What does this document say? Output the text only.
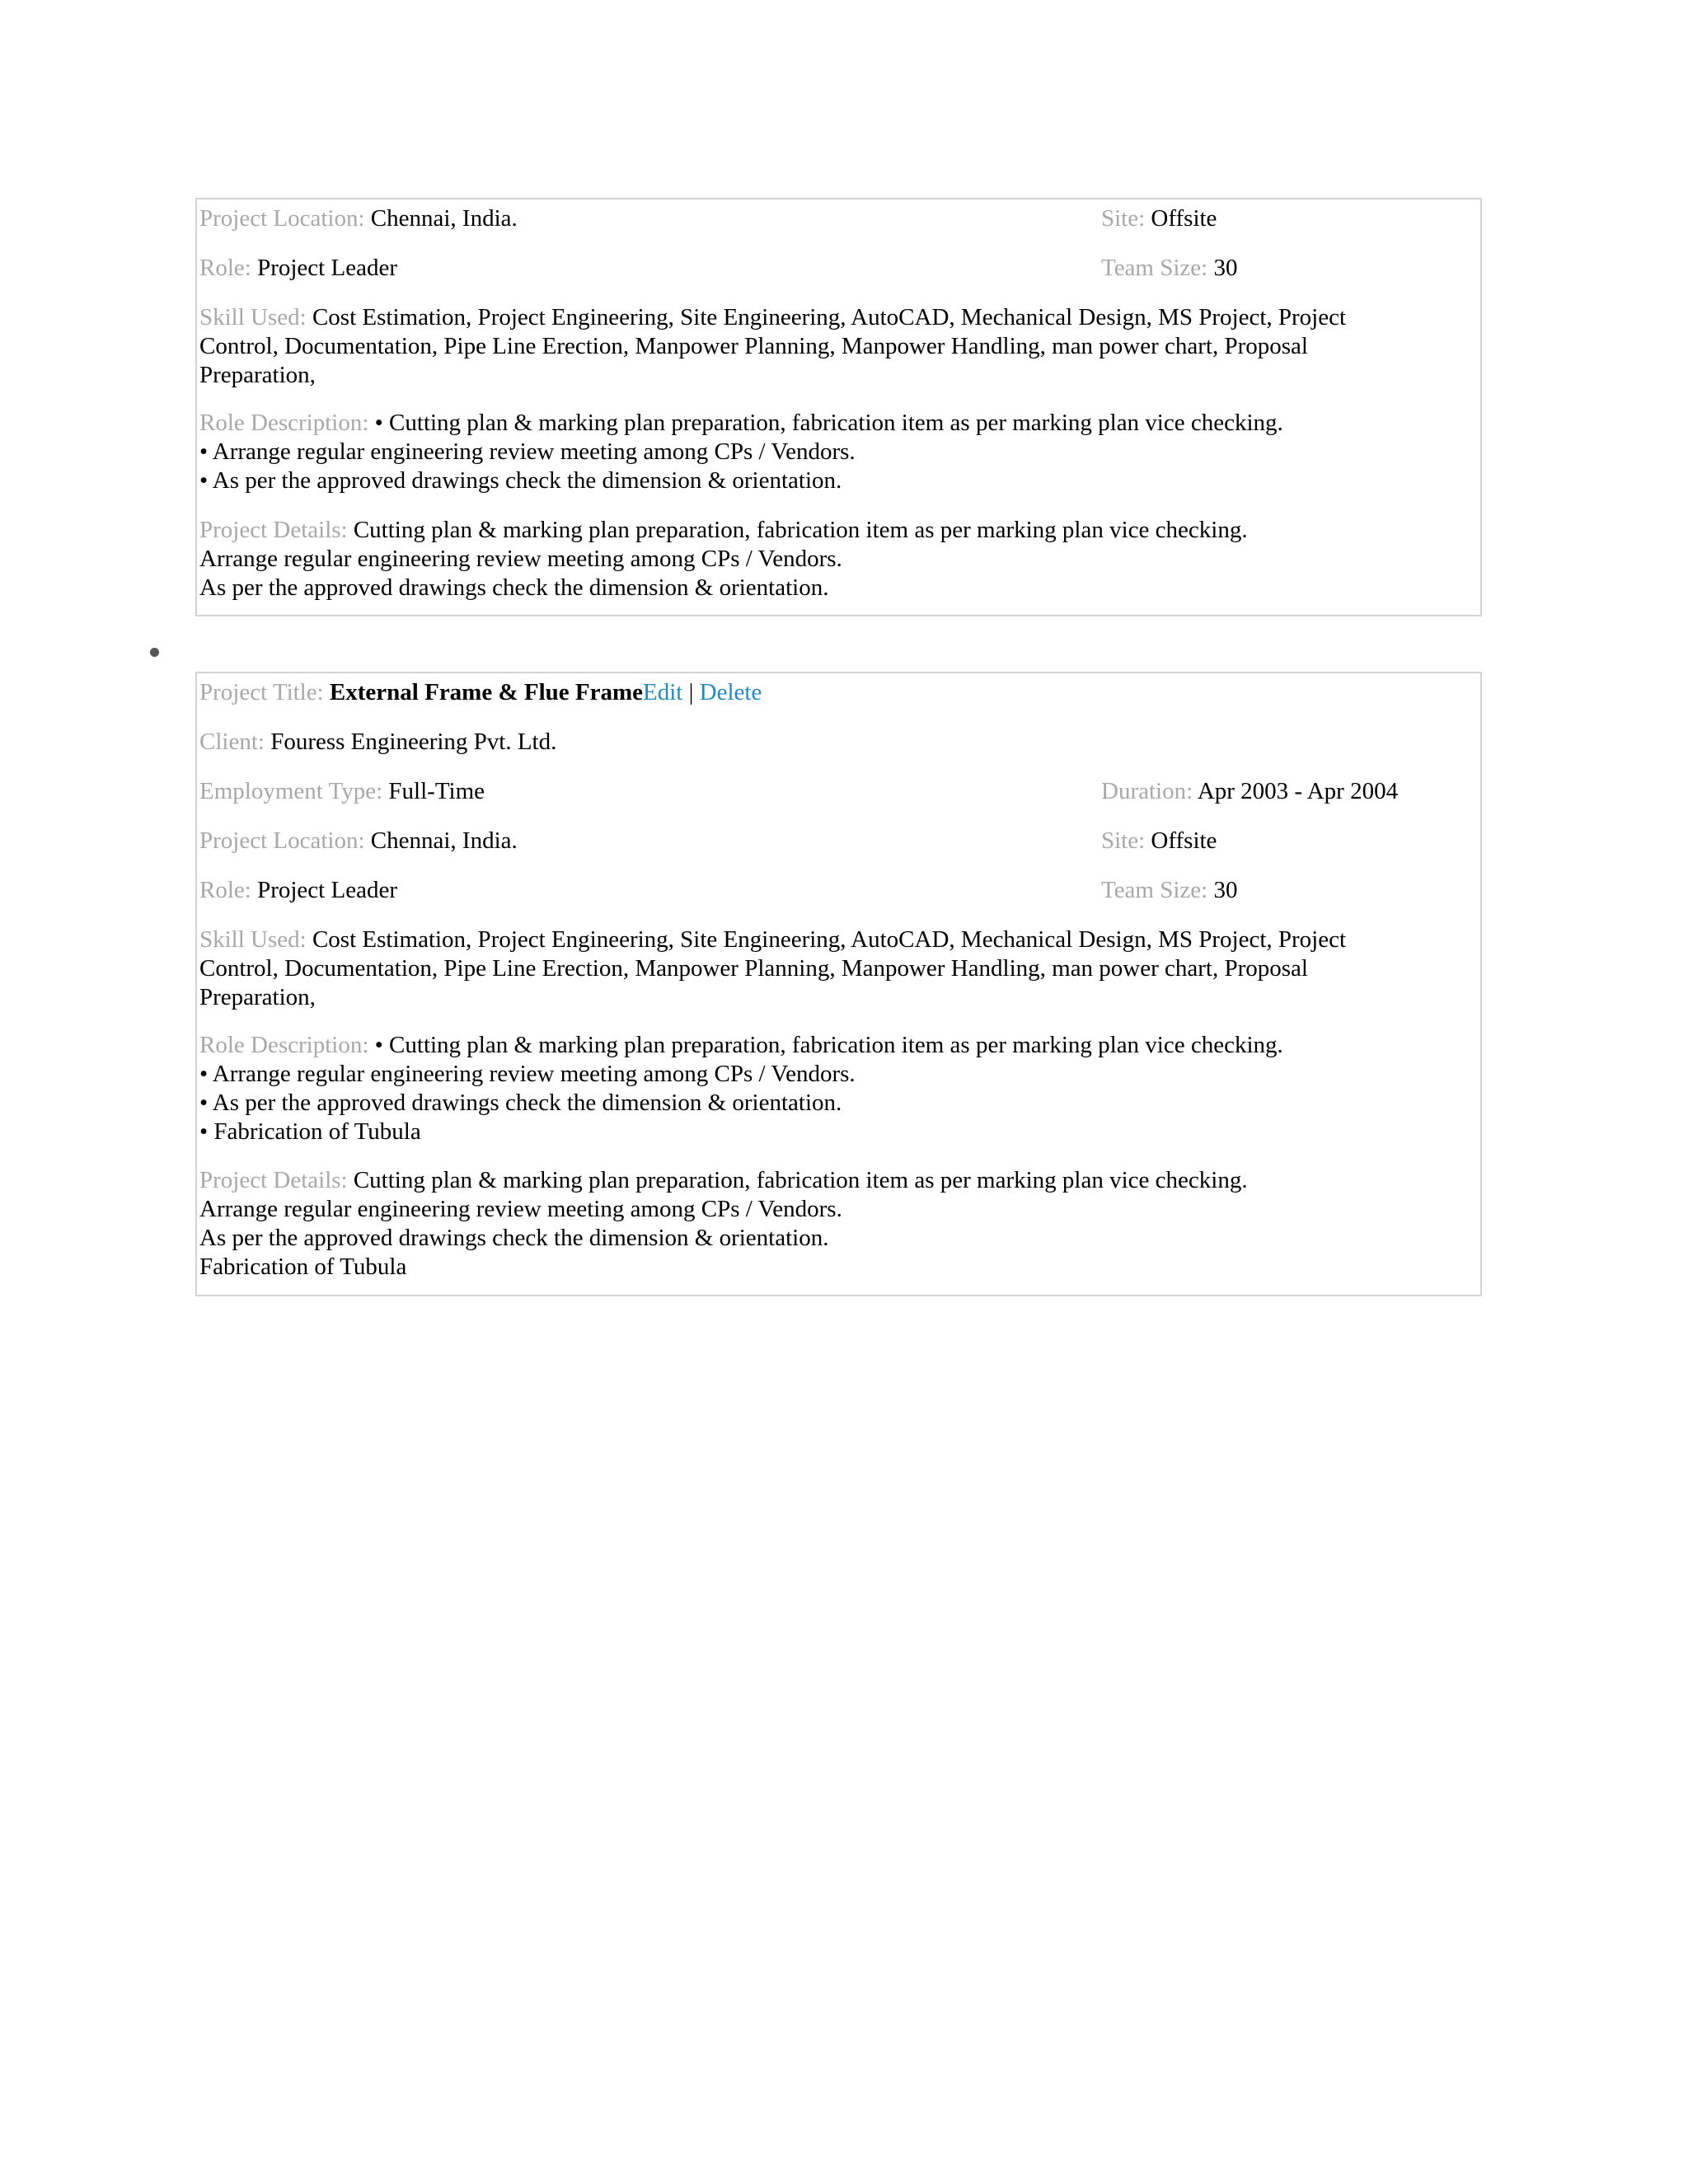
Project Location: Chennai, India.	Site: Offsite
Role: Project Leader	Team Size: 30
Skill Used: Cost Estimation, Project Engineering, Site Engineering, AutoCAD, Mechanical Design, MS Project, Project Control, Documentation, Pipe Line Erection, Manpower Planning, Manpower Handling, man power chart, Proposal Preparation,
Role Description: • Cutting plan & marking plan preparation, fabrication item as per marking plan vice checking.
• Arrange regular engineering review meeting among CPs / Vendors.
• As per the approved drawings check the dimension & orientation.
Project Details: Cutting plan & marking plan preparation, fabrication item as per marking plan vice checking.
Arrange regular engineering review meeting among CPs / Vendors.
As per the approved drawings check the dimension & orientation.
Project Title: External Frame & Flue FrameEdit | Delete
Client: Fouress Engineering Pvt. Ltd.
Employment Type: Full-Time	Duration: Apr 2003 - Apr 2004
Project Location: Chennai, India.	Site: Offsite
Role: Project Leader	Team Size: 30
Skill Used: Cost Estimation, Project Engineering, Site Engineering, AutoCAD, Mechanical Design, MS Project, Project Control, Documentation, Pipe Line Erection, Manpower Planning, Manpower Handling, man power chart, Proposal Preparation,
Role Description: • Cutting plan & marking plan preparation, fabrication item as per marking plan vice checking.
• Arrange regular engineering review meeting among CPs / Vendors.
• As per the approved drawings check the dimension & orientation.
• Fabrication of Tubula
Project Details: Cutting plan & marking plan preparation, fabrication item as per marking plan vice checking.
Arrange regular engineering review meeting among CPs / Vendors.
As per the approved drawings check the dimension & orientation.
Fabrication of Tubula
